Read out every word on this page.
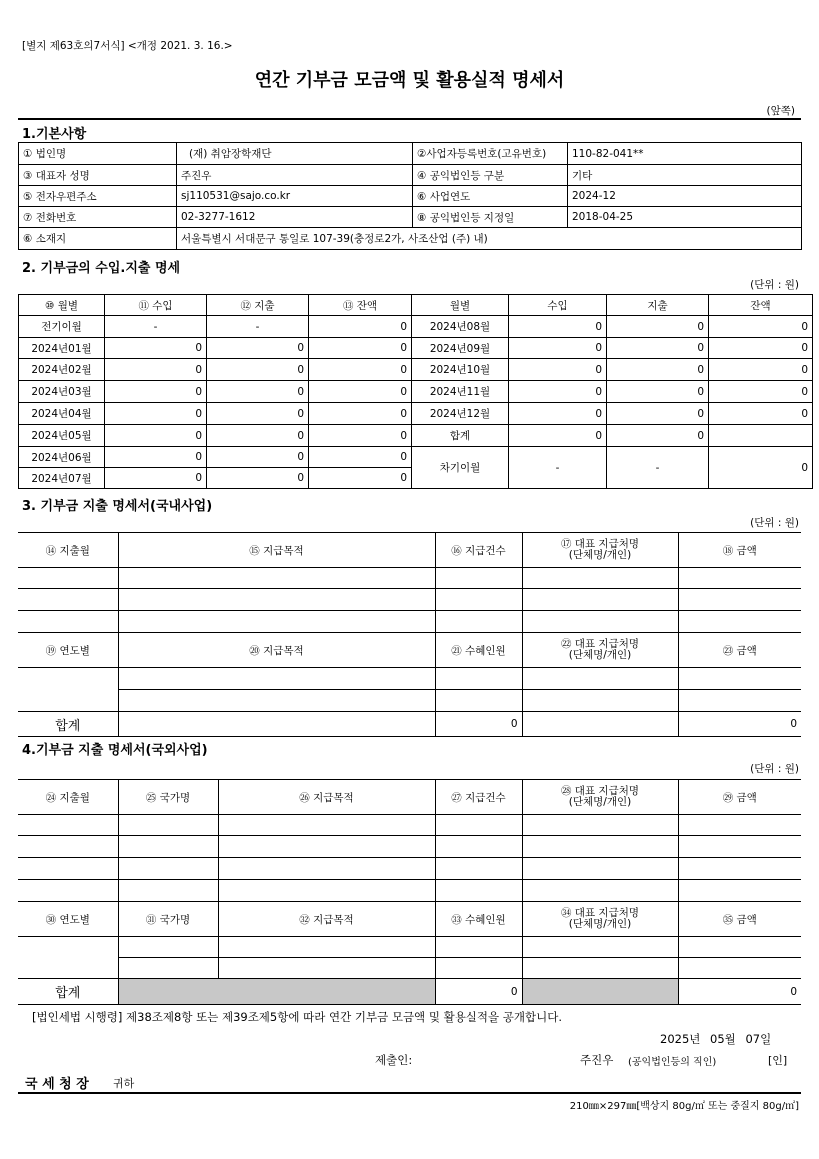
[별지 제63호의7서식] <개정 2021. 3. 16.>
연간 기부금 모금액 및 활용실적 명세서
(앞쪽)
1.기본사항
① 법인명	(재) 취암장학재단	②사업자등록번호(고유번호)	110-82-041**
③ 대표자 성명	주진우	④ 공익법인등 구분	기타
⑤ 전자우편주소	sj110531@sajo.co.kr	⑥ 사업연도	2024-12
⑦ 전화번호	02-3277-1612	⑧ 공익법인등 지정일	2018-04-25
⑥ 소재지	서울특별시 서대문구 통일로 107-39(충정로2가, 사조산업 (주) 내)		
2. 기부금의 수입.지출 명세
(단위 : 원)
⑩ 월별	⑪ 수입	⑫ 지출	⑬ 잔액	월별	수입	지출	잔액
전기이월	-	-	0	2024년08월	0	0	0
2024년01월	0	0	0	2024년09월	0	0	0
2024년02월	0	0	0	2024년10월	0	0	0
2024년03월	0	0	0	2024년11월	0	0	0
2024년04월	0	0	0	2024년12월	0	0	0
2024년05월	0	0	0	합계	0	0	
2024년06월	0	0	0	차기이월	-	-	0
2024년07월	0	0	0				
3. 기부금 지출 명세서(국내사업)
(단위 : 원)
⑭ 지출월	⑮ 지급목적	⑯ 지급건수	⑰ 대표 지급처명
(단체명/개인)	⑱ 금액

⑲ 연도별	⑳ 지급목적	㉑ 수혜인원	㉒ 대표 지급처명
(단체명/개인)	㉓ 금액

합계		0		0
4.기부금 지출 명세서(국외사업)
(단위 : 원)
㉔ 지출월	㉕ 국가명	㉖ 지급목적	㉗ 지급건수	㉘ 대표 지급처명
(단체명/개인)	㉙ 금액

㉚ 연도별	㉛ 국가명	㉜ 지급목적	㉝ 수혜인원	㉞ 대표 지급처명
(단체명/개인)	㉟ 금액

합계			0		0
[법인세법 시행령] 제38조제8항 또는 제39조제5항에 따라 연간 기부금 모금액 및 활용실적을 공개합니다.
2025년 05월 07일
제출인:	주진우 (공익법인등의 직인)	[인]
국 세 청 장 귀하
210㎜×297㎜[백상지 80g/㎡ 또는 중질지 80g/㎡]
